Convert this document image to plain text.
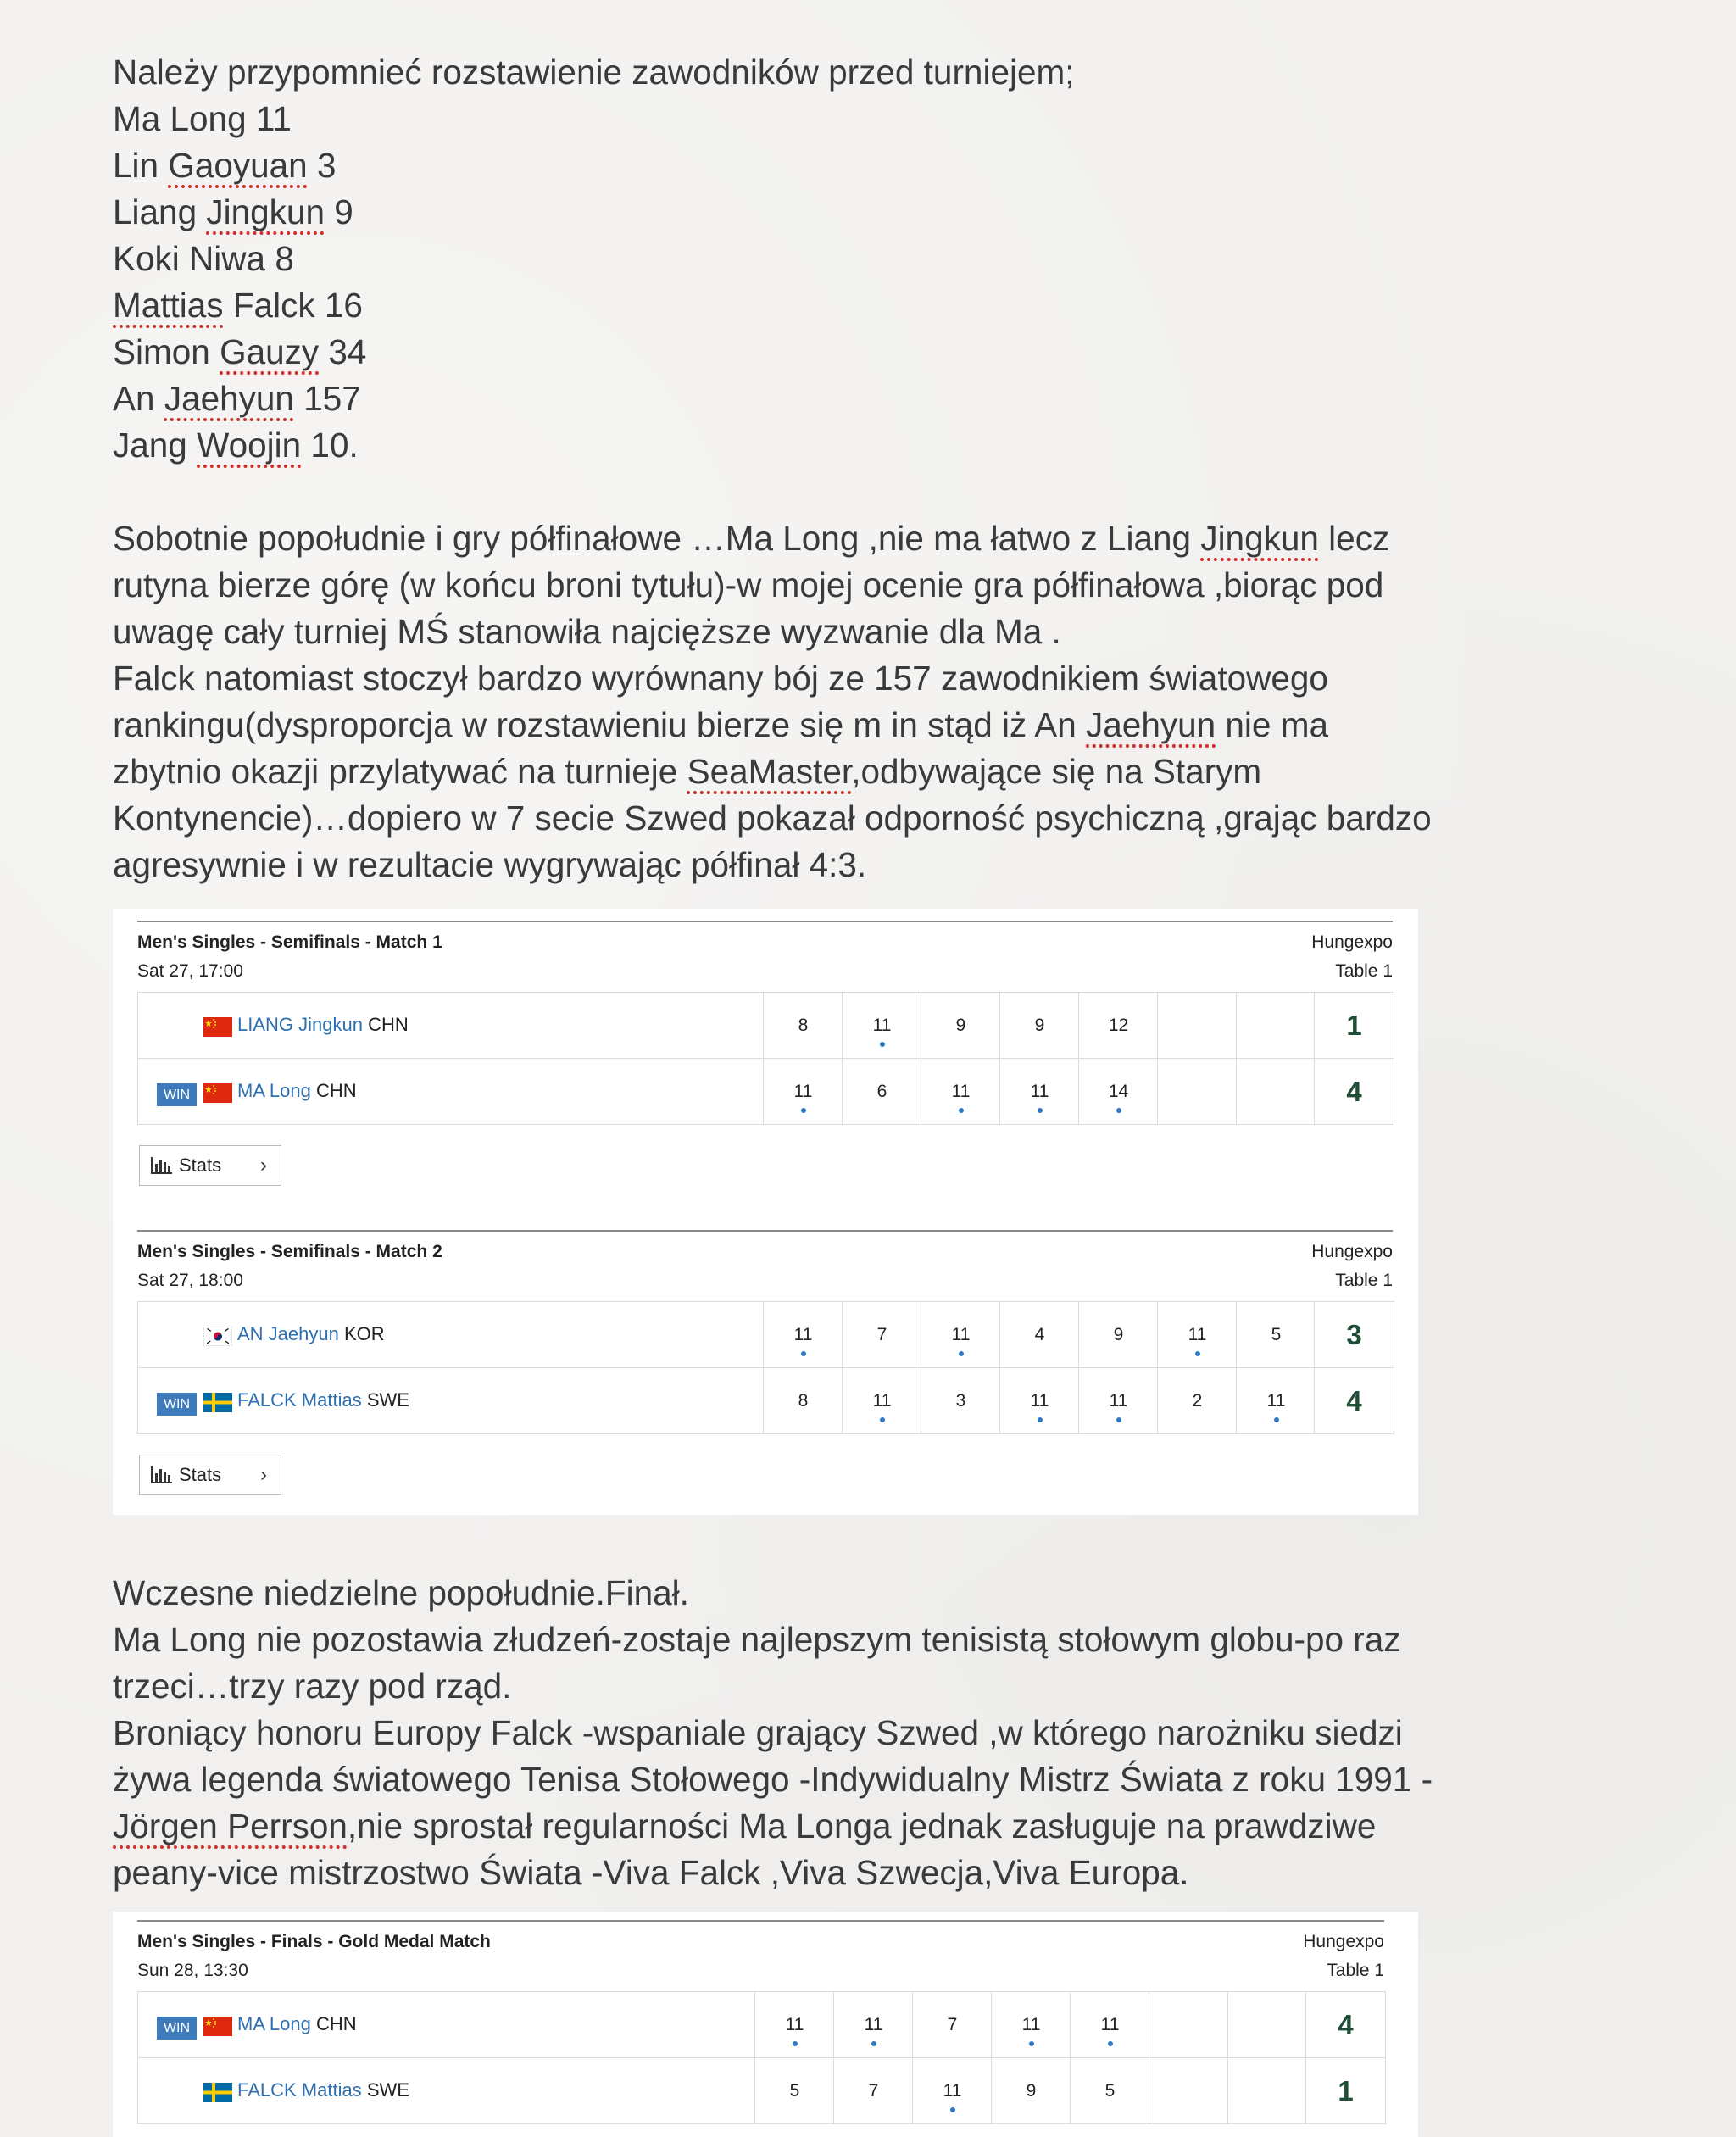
Należy przypomnieć rozstawienie zawodników przed turniejem;
Ma Long 11
Lin Gaoyuan 3
Liang Jingkun 9
Koki Niwa 8
Mattias Falck 16
Simon Gauzy 34
An Jaehyun 157
Jang Woojin 10.
Sobotnie popołudnie i gry półfinałowe …Ma Long ,nie ma łatwo z Liang Jingkun lecz
rutyna bierze górę (w końcu broni tytułu)-w mojej ocenie gra półfinałowa ,biorąc pod
uwagę cały turniej MŚ stanowiła najcięższe wyzwanie dla Ma .
Falck natomiast stoczył bardzo wyrównany bój ze 157 zawodnikiem światowego
rankingu(dysproporcja w rozstawieniu bierze się m in stąd iż An Jaehyun nie ma
zbytnio okazji przylatywać na turnieje SeaMaster,odbywające się na Starym
Kontynencie)…dopiero w 7 secie Szwed pokazał odporność psychiczną ,grając bardzo
agresywnie i w rezultacie wygrywając półfinał 4:3.
Men's Singles - Semifinals - Match 1
Sat 27, 17:00
Hungexpo
Table 1
LIANG Jingkun CHN	8	11	9	9	12	1
WIN	MA Long CHN	11	6	11	11	14	4
Stats ›
Men's Singles - Semifinals - Match 2
Sat 27, 18:00
Hungexpo
Table 1
AN Jaehyun KOR	11	7	11	4	9	11	5	3
WIN	FALCK Mattias SWE	8	11	3	11	11	2	11	4
Stats ›
Wczesne niedzielne popołudnie.Finał.
Ma Long nie pozostawia złudzeń-zostaje najlepszym tenisistą stołowym globu-po raz
trzeci…trzy razy pod rząd.
Broniący honoru Europy Falck -wspaniale grający Szwed ,w którego narożniku siedzi
żywa legenda światowego Tenisa Stołowego -Indywidualny Mistrz Świata z roku 1991 -
Jörgen Perrson,nie sprostał regularności Ma Longa jednak zasługuje na prawdziwe
peany-vice mistrzostwo Świata -Viva Falck ,Viva Szwecja,Viva Europa.
Men's Singles - Finals - Gold Medal Match
Sun 28, 13:30
Hungexpo
Table 1
WIN	MA Long CHN	11	11	7	11	11	4
FALCK Mattias SWE	5	7	11	9	5	1
